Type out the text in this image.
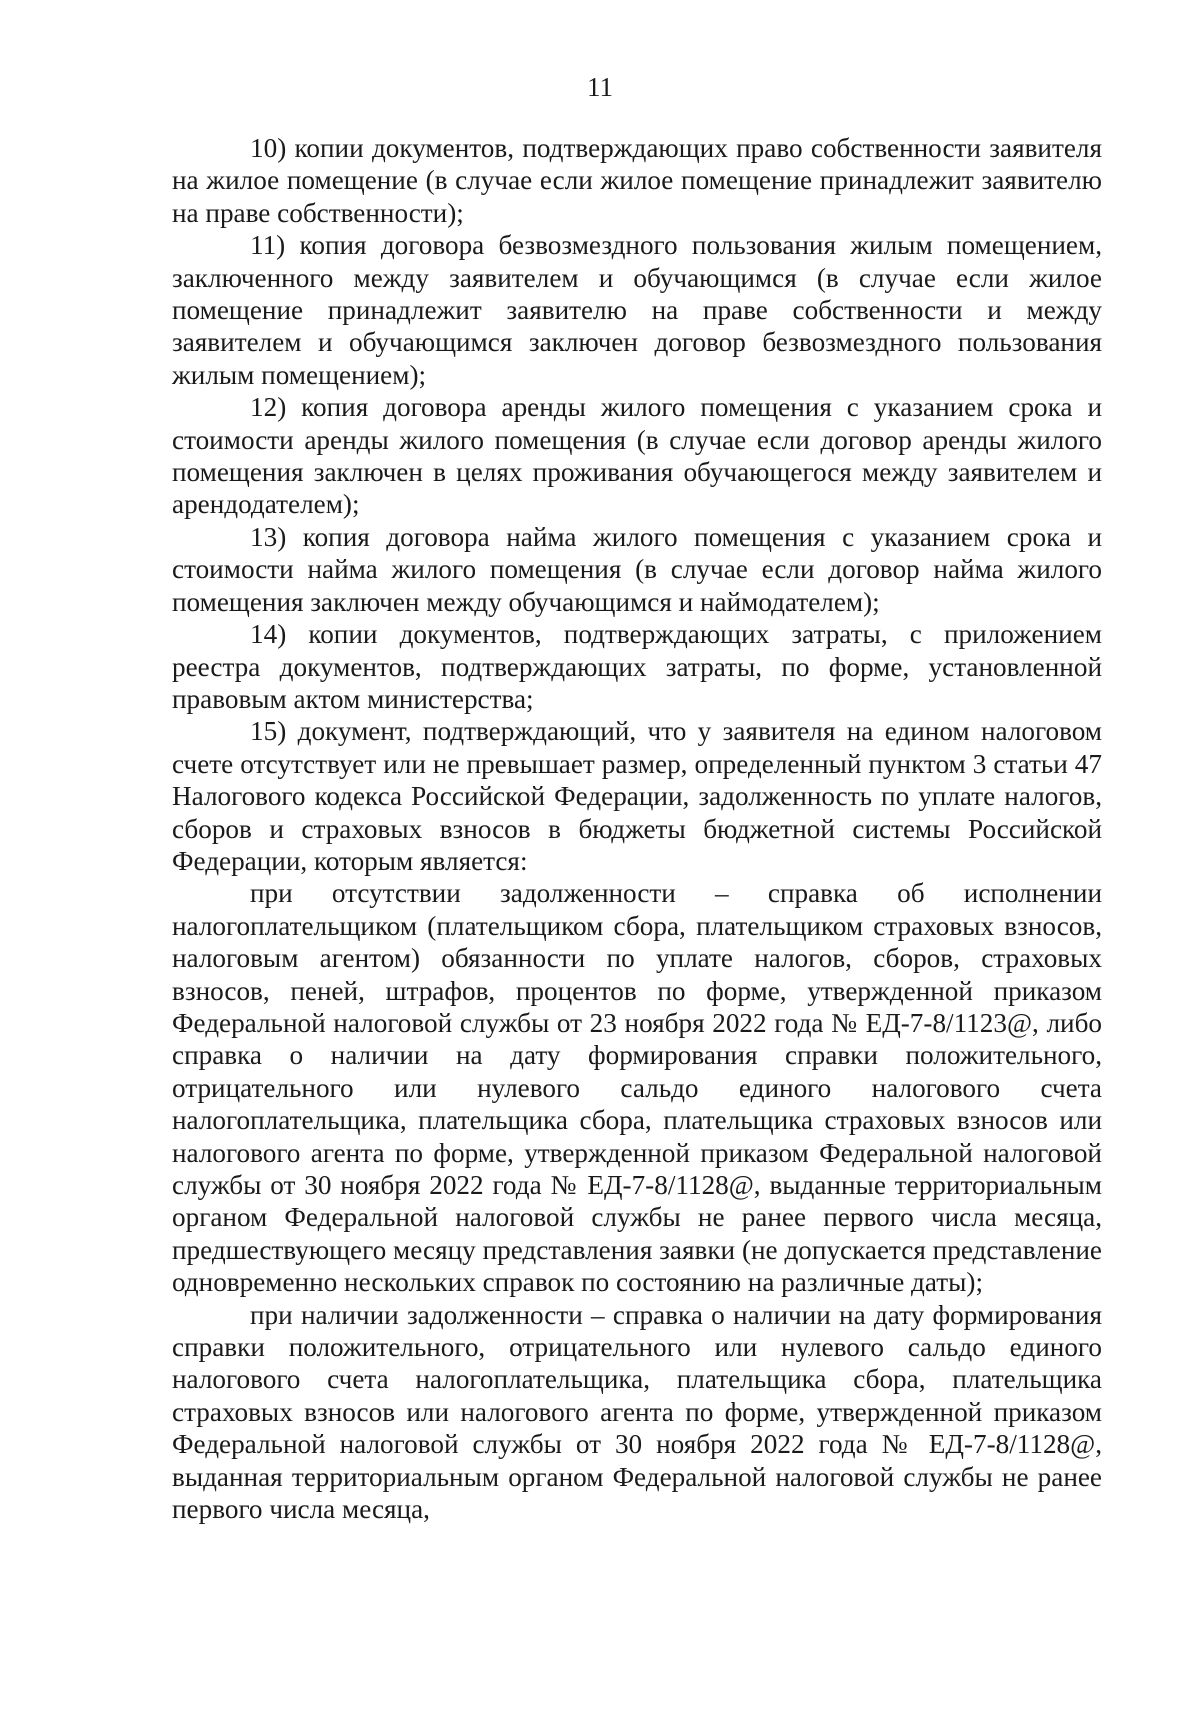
11

10) копии документов, подтверждающих право собственности заявителя на жилое помещение (в случае если жилое помещение принадлежит заявителю на праве собственности);

11) копия договора безвозмездного пользования жилым помещением, заключенного между заявителем и обучающимся (в случае если жилое помещение принадлежит заявителю на праве собственности и между заявителем и обучающимся заключен договор безвозмездного пользования жилым помещением);

12) копия договора аренды жилого помещения с указанием срока и стоимости аренды жилого помещения (в случае если договор аренды жилого помещения заключен в целях проживания обучающегося между заявителем и арендодателем);

13) копия договора найма жилого помещения с указанием срока и стоимости найма жилого помещения (в случае если договор найма жилого помещения заключен между обучающимся и наймодателем);

14) копии документов, подтверждающих затраты, с приложением реестра документов, подтверждающих затраты, по форме, установленной правовым актом министерства;

15) документ, подтверждающий, что у заявителя на едином налоговом счете отсутствует или не превышает размер, определенный пунктом 3 статьи 47 Налогового кодекса Российской Федерации, задолженность по уплате налогов, сборов и страховых взносов в бюджеты бюджетной системы Российской Федерации, которым является:

при отсутствии задолженности – справка об исполнении налогоплательщиком (плательщиком сбора, плательщиком страховых взносов, налоговым агентом) обязанности по уплате налогов, сборов, страховых взносов, пеней, штрафов, процентов по форме, утвержденной приказом Федеральной налоговой службы от 23 ноября 2022 года № ЕД-7-8/1123@, либо справка о наличии на дату формирования справки положительного, отрицательного или нулевого сальдо единого налогового счета налогоплательщика, плательщика сбора, плательщика страховых взносов или налогового агента по форме, утвержденной приказом Федеральной налоговой службы от 30 ноября 2022 года № ЕД-7-8/1128@, выданные территориальным органом Федеральной налоговой службы не ранее первого числа месяца, предшествующего месяцу представления заявки (не допускается представление одновременно нескольких справок по состоянию на различные даты);

при наличии задолженности – справка о наличии на дату формирования справки положительного, отрицательного или нулевого сальдо единого налогового счета налогоплательщика, плательщика сбора, плательщика страховых взносов или налогового агента по форме, утвержденной приказом Федеральной налоговой службы от 30 ноября 2022 года № ЕД-7-8/1128@, выданная территориальным органом Федеральной налоговой службы не ранее первого числа месяца,
